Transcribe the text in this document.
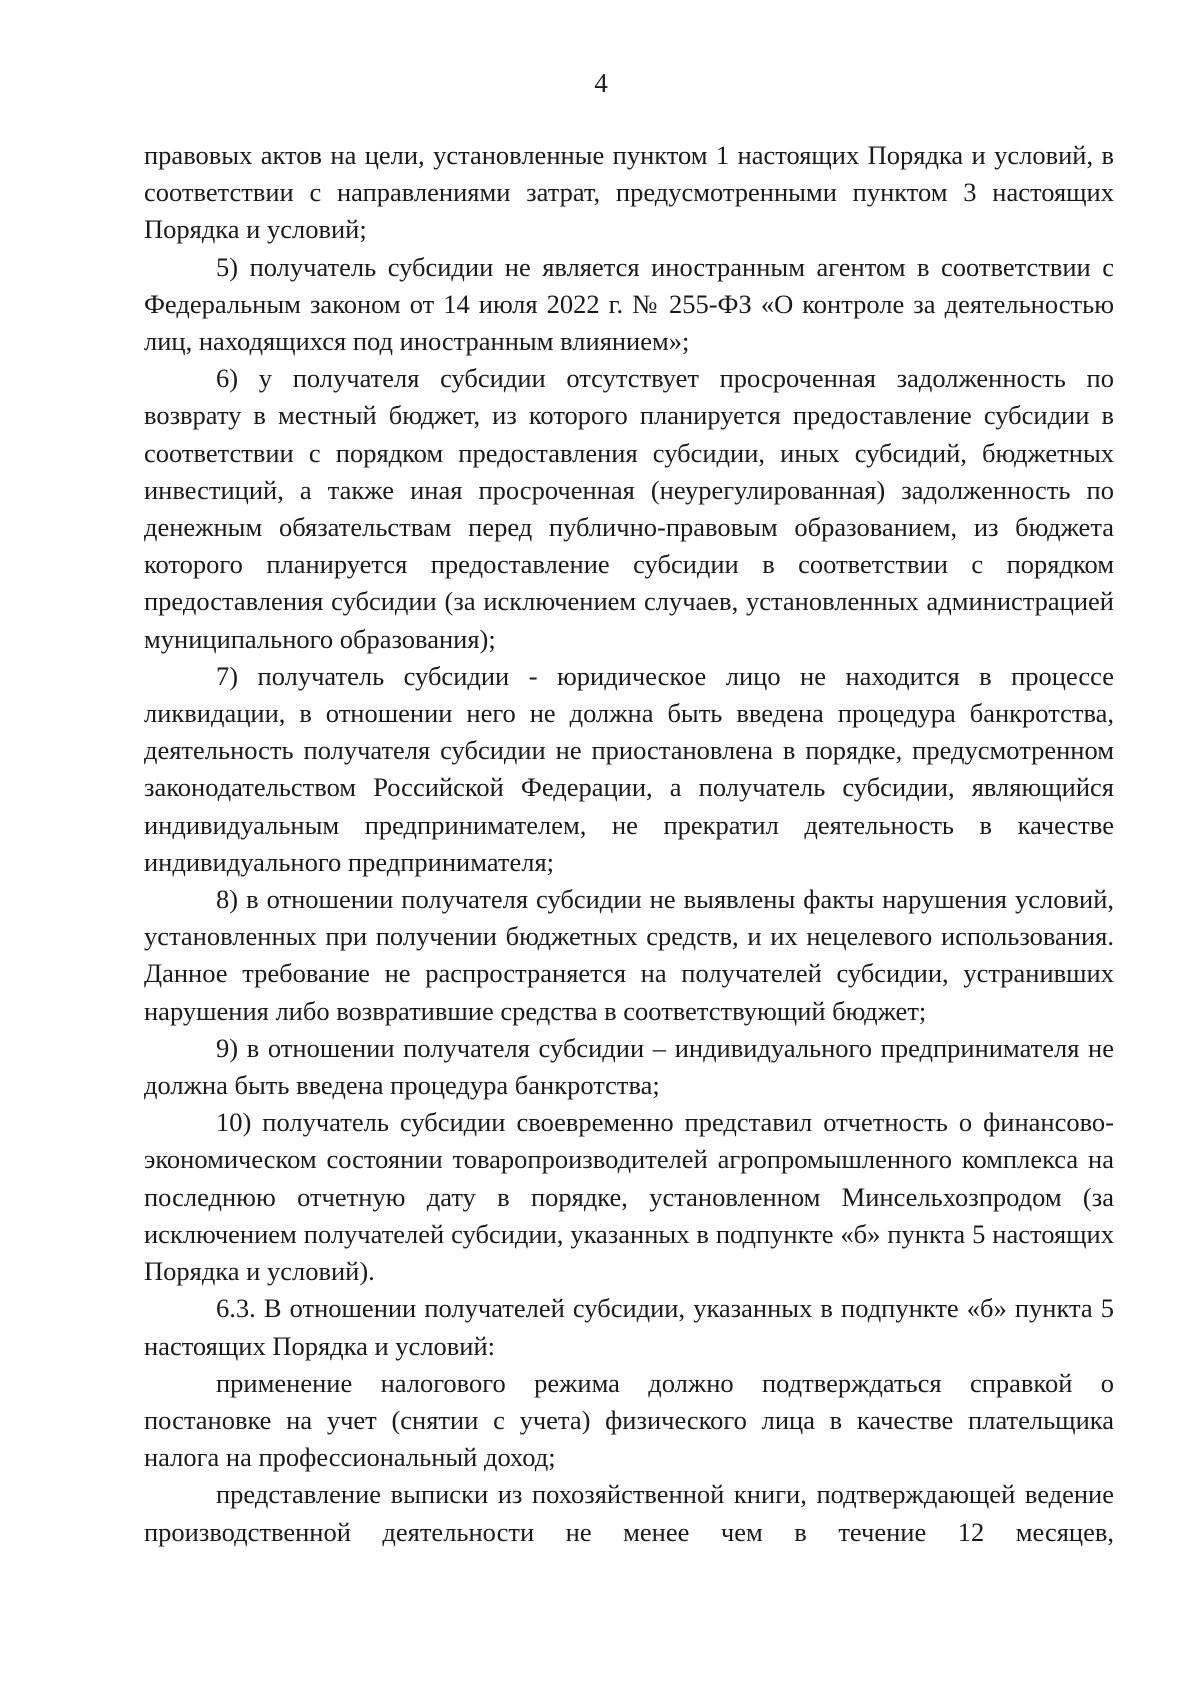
4

правовых актов на цели, установленные пунктом 1 настоящих Порядка и условий, в соответствии с направлениями затрат, предусмотренными пунктом 3 настоящих Порядка и условий;

5) получатель субсидии не является иностранным агентом в соответствии с Федеральным законом от 14 июля 2022 г. № 255-ФЗ «О контроле за деятельностью лиц, находящихся под иностранным влиянием»;

6) у получателя субсидии отсутствует просроченная задолженность по возврату в местный бюджет, из которого планируется предоставление субсидии в соответствии с порядком предоставления субсидии, иных субсидий, бюджетных инвестиций, а также иная просроченная (неурегулированная) задолженность по денежным обязательствам перед публично-правовым образованием, из бюджета которого планируется предоставление субсидии в соответствии с порядком предоставления субсидии (за исключением случаев, установленных администрацией муниципального образования);

7) получатель субсидии - юридическое лицо не находится в процессе ликвидации, в отношении него не должна быть введена процедура банкротства, деятельность получателя субсидии не приостановлена в порядке, предусмотренном законодательством Российской Федерации, а получатель субсидии, являющийся индивидуальным предпринимателем, не прекратил деятельность в качестве индивидуального предпринимателя;

8) в отношении получателя субсидии не выявлены факты нарушения условий, установленных при получении бюджетных средств, и их нецелевого использования. Данное требование не распространяется на получателей субсидии, устранивших нарушения либо возвратившие средства в соответствующий бюджет;

9) в отношении получателя субсидии – индивидуального предпринимателя не должна быть введена процедура банкротства;

10) получатель субсидии своевременно представил отчетность о финансово-экономическом состоянии товаропроизводителей агропромышленного комплекса на последнюю отчетную дату в порядке, установленном Минсельхозпродом (за исключением получателей субсидии, указанных в подпункте «б» пункта 5 настоящих Порядка и условий).

6.3. В отношении получателей субсидии, указанных в подпункте «б» пункта 5 настоящих Порядка и условий:

применение налогового режима должно подтверждаться справкой о постановке на учет (снятии с учета) физического лица в качестве плательщика налога на профессиональный доход;

представление выписки из похозяйственной книги, подтверждающей ведение производственной деятельности не менее чем в течение 12 месяцев,
